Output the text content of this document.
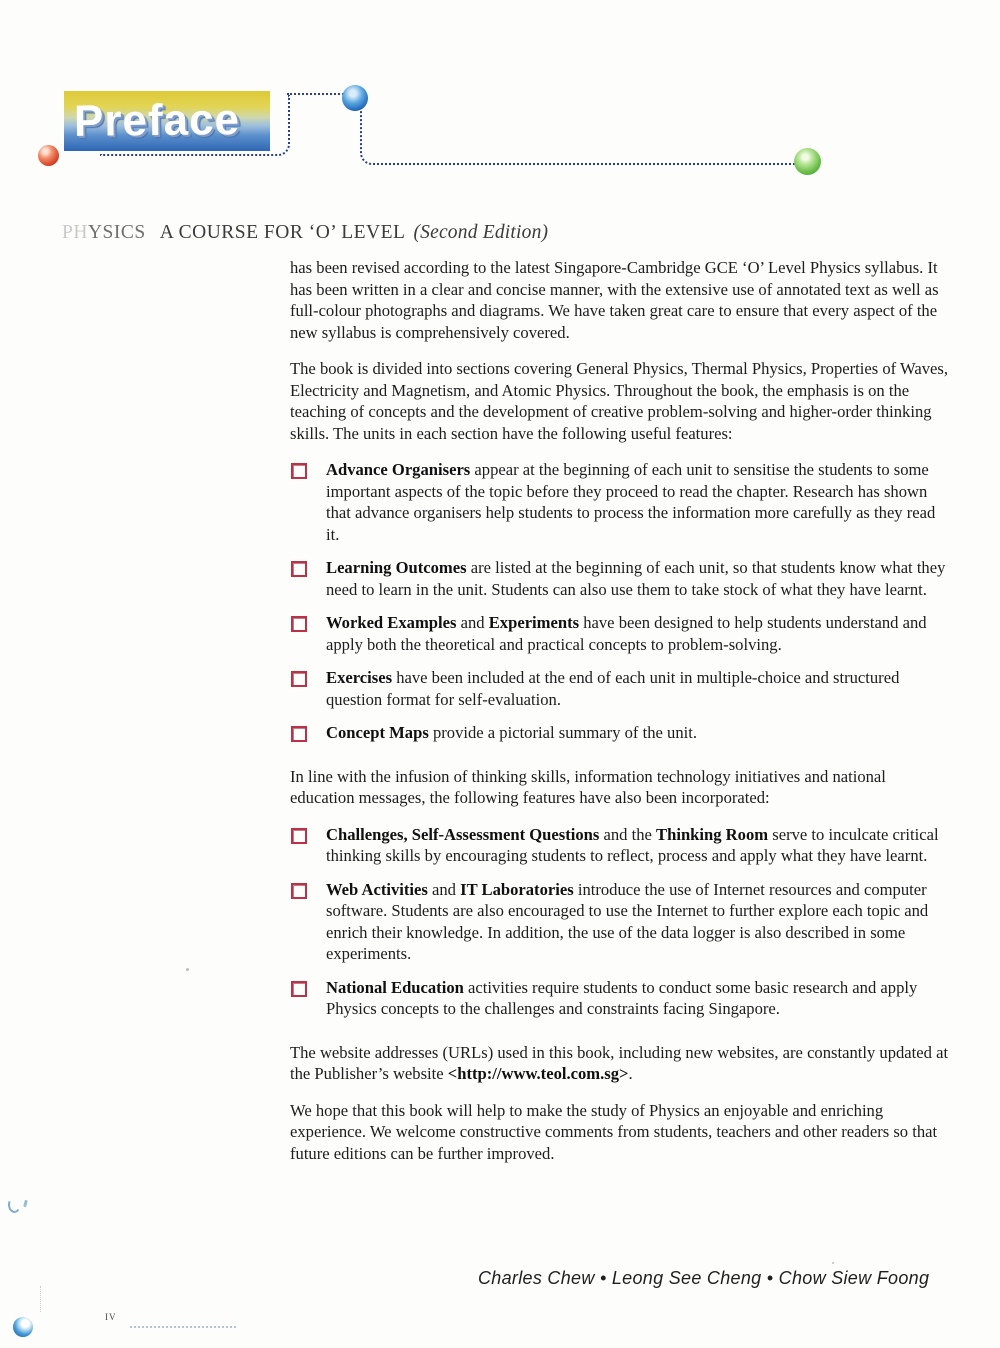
Preface
PHYSICS A COURSE FOR ‘O’ LEVEL (Second Edition)

has been revised according to the latest Singapore-Cambridge GCE ‘O’ Level Physics syllabus. It has been written in a clear and concise manner, with the extensive use of annotated text as well as full-colour photographs and diagrams. We have taken great care to ensure that every aspect of the new syllabus is comprehensively covered.

The book is divided into sections covering General Physics, Thermal Physics, Properties of Waves, Electricity and Magnetism, and Atomic Physics. Throughout the book, the emphasis is on the teaching of concepts and the development of creative problem-solving and higher-order thinking skills. The units in each section have the following useful features:

Advance Organisers appear at the beginning of each unit to sensitise the students to some important aspects of the topic before they proceed to read the chapter. Research has shown that advance organisers help students to process the information more carefully as they read it.
Learning Outcomes are listed at the beginning of each unit, so that students know what they need to learn in the unit. Students can also use them to take stock of what they have learnt.
Worked Examples and Experiments have been designed to help students understand and apply both the theoretical and practical concepts to problem-solving.
Exercises have been included at the end of each unit in multiple-choice and structured question format for self-evaluation.
Concept Maps provide a pictorial summary of the unit.

In line with the infusion of thinking skills, information technology initiatives and national education messages, the following features have also been incorporated:

Challenges, Self-Assessment Questions and the Thinking Room serve to inculcate critical thinking skills by encouraging students to reflect, process and apply what they have learnt.
Web Activities and IT Laboratories introduce the use of Internet resources and computer software. Students are also encouraged to use the Internet to further explore each topic and enrich their knowledge. In addition, the use of the data logger is also described in some experiments.
National Education activities require students to conduct some basic research and apply Physics concepts to the challenges and constraints facing Singapore.

The website addresses (URLs) used in this book, including new websites, are constantly updated at the Publisher’s website <http://www.teol.com.sg>.

We hope that this book will help to make the study of Physics an enjoyable and enriching experience. We welcome constructive comments from students, teachers and other readers so that future editions can be further improved.

Charles Chew • Leong See Cheng • Chow Siew Foong
iv
